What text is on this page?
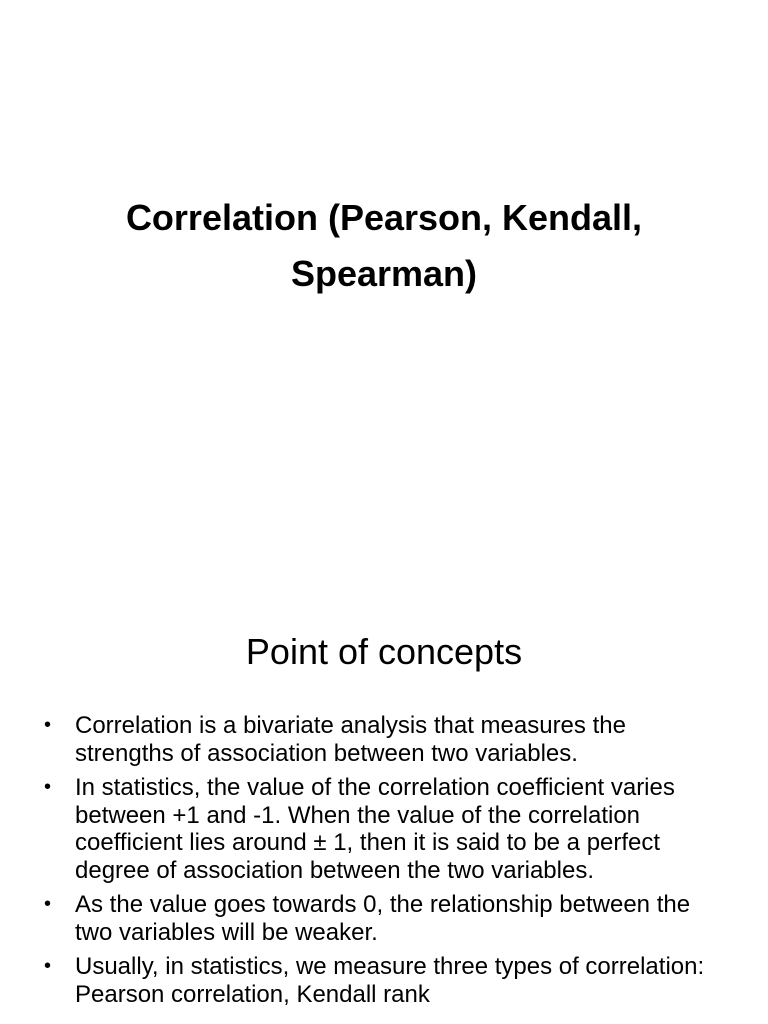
Correlation (Pearson, Kendall, Spearman)
Point of concepts
• Correlation is a bivariate analysis that measures the strengths of association between two variables.
• In statistics, the value of the correlation coefficient varies between +1 and -1. When the value of the correlation coefficient lies around ± 1, then it is said to be a perfect degree of association between the two variables.
• As the value goes towards 0, the relationship between the two variables will be weaker.
• Usually, in statistics, we measure three types of correlation: Pearson correlation, Kendall rank
